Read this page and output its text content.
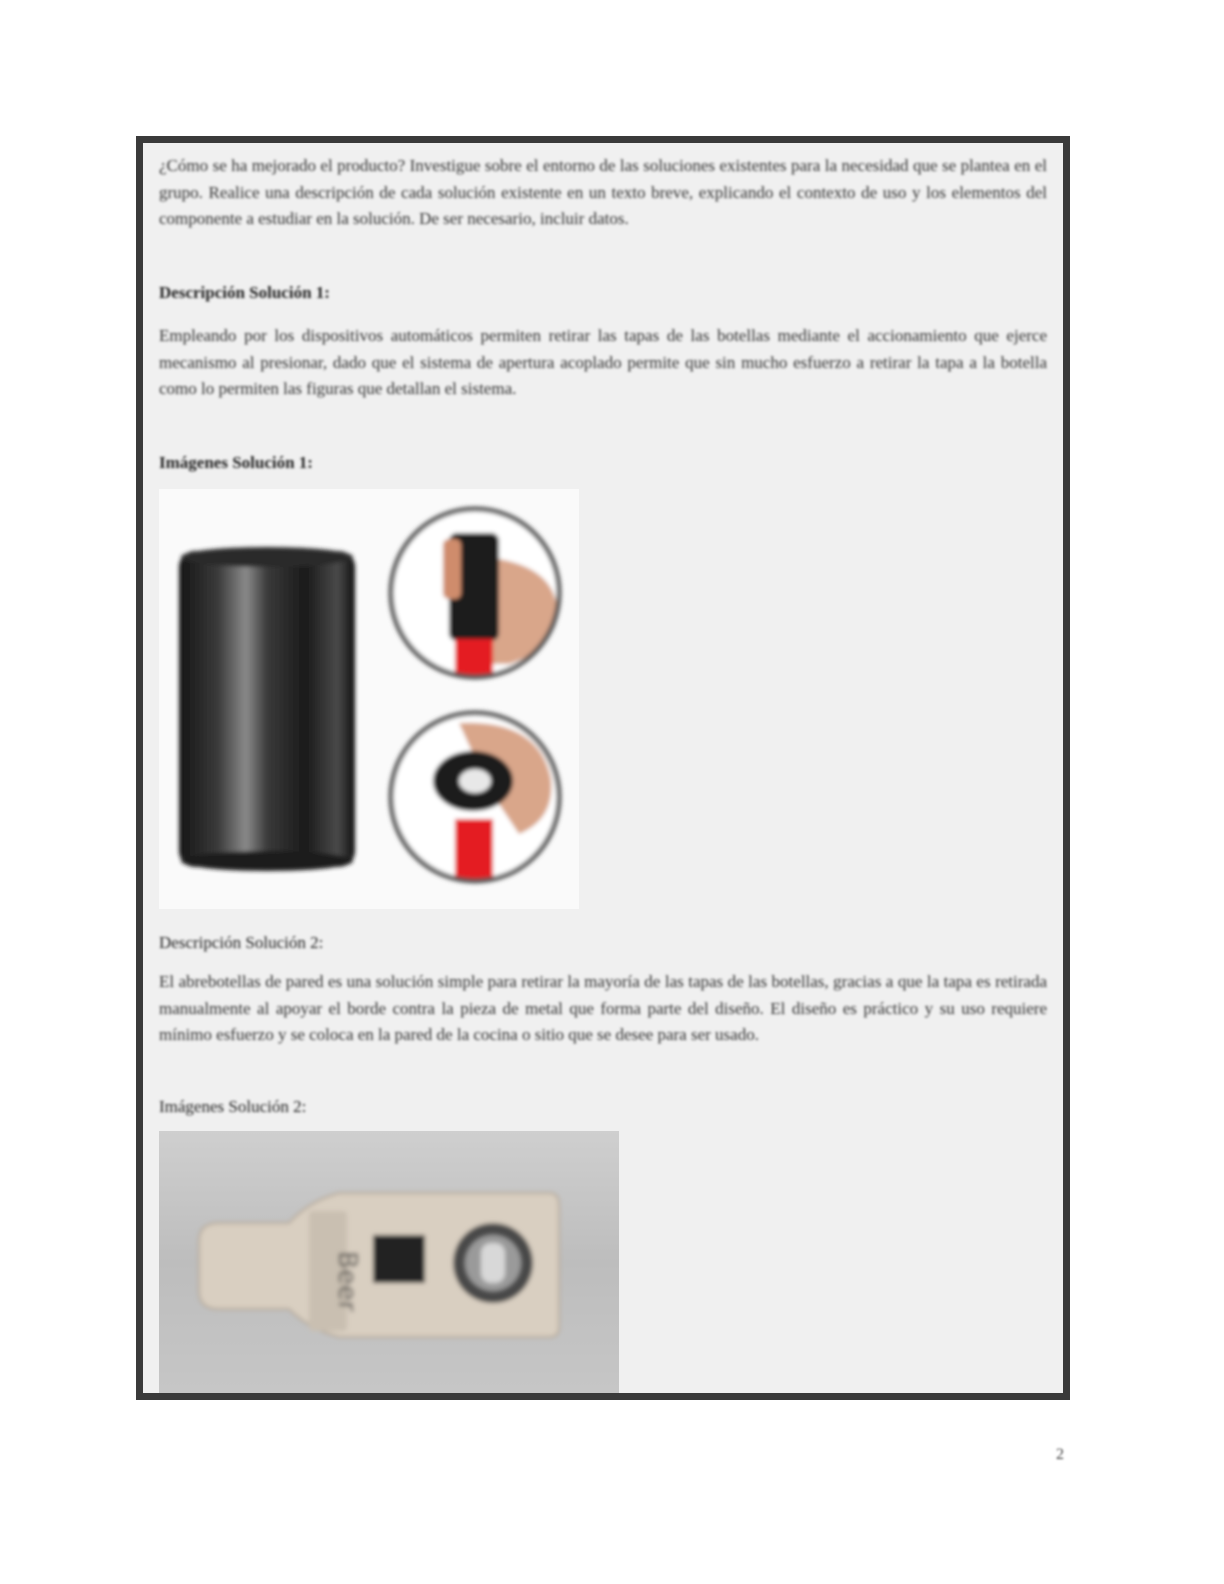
¿Cómo se ha mejorado el producto? Investigue sobre el entorno de las soluciones existentes para la necesidad que se plantea en el grupo. Realice una descripción de cada solución existente en un texto breve, explicando el contexto de uso y los elementos del componente a estudiar en la solución. De ser necesario, incluir datos.

Descripción Solución 1:

Empleando por los dispositivos automáticos permiten retirar las tapas de las botellas mediante el accionamiento que ejerce mecanismo al presionar, dado que el sistema de apertura acoplado permite que sin mucho esfuerzo a retirar la tapa a la botella como lo permiten las figuras que detallan el sistema.

Imágenes Solución 1:

Descripción Solución 2:

El abrebotellas de pared es una solución simple para retirar la mayoría de las tapas de las botellas, gracias a que la tapa es retirada manualmente al apoyar el borde contra la pieza de metal que forma parte del diseño. El diseño es práctico y su uso requiere mínimo esfuerzo y se coloca en la pared de la cocina o sitio que se desee para ser usado.

Imágenes Solución 2:

Beer
2
